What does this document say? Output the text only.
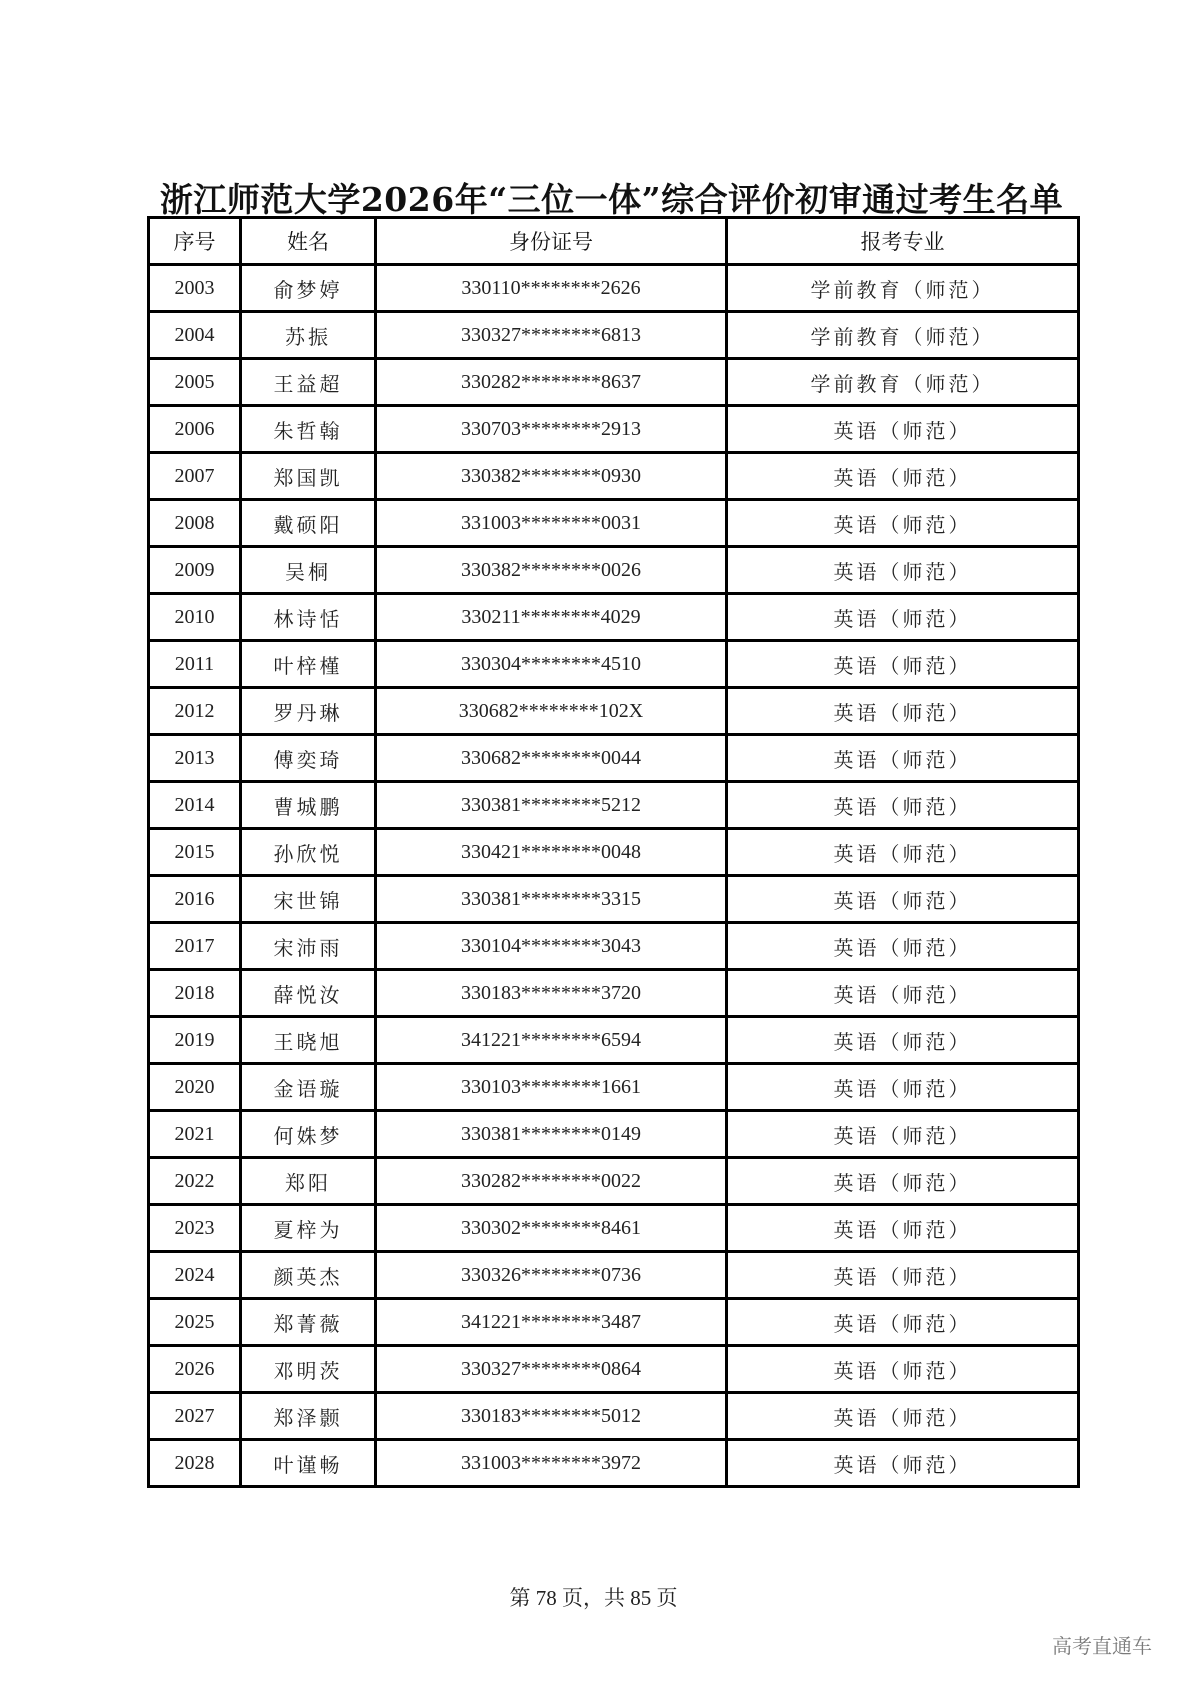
浙江师范大学2026年“三位一体”综合评价初审通过考生名单
序号	姓名	身份证号	报考专业
2003	俞梦婷	330110********2626	学前教育（师范）
2004	苏振	330327********6813	学前教育（师范）
2005	王益超	330282********8637	学前教育（师范）
2006	朱哲翰	330703********2913	英语（师范）
2007	郑国凯	330382********0930	英语（师范）
2008	戴硕阳	331003********0031	英语（师范）
2009	吴桐	330382********0026	英语（师范）
2010	林诗恬	330211********4029	英语（师范）
2011	叶梓槿	330304********4510	英语（师范）
2012	罗丹琳	330682********102X	英语（师范）
2013	傅奕琦	330682********0044	英语（师范）
2014	曹城鹏	330381********5212	英语（师范）
2015	孙欣悦	330421********0048	英语（师范）
2016	宋世锦	330381********3315	英语（师范）
2017	宋沛雨	330104********3043	英语（师范）
2018	薛悦汝	330183********3720	英语（师范）
2019	王晓旭	341221********6594	英语（师范）
2020	金语璇	330103********1661	英语（师范）
2021	何姝梦	330381********0149	英语（师范）
2022	郑阳	330282********0022	英语（师范）
2023	夏梓为	330302********8461	英语（师范）
2024	颜英杰	330326********0736	英语（师范）
2025	郑菁薇	341221********3487	英语（师范）
2026	邓明茨	330327********0864	英语（师范）
2027	郑泽颢	330183********5012	英语（师范）
2028	叶谨畅	331003********3972	英语（师范）
第 78 页，共 85 页
高考直通车
